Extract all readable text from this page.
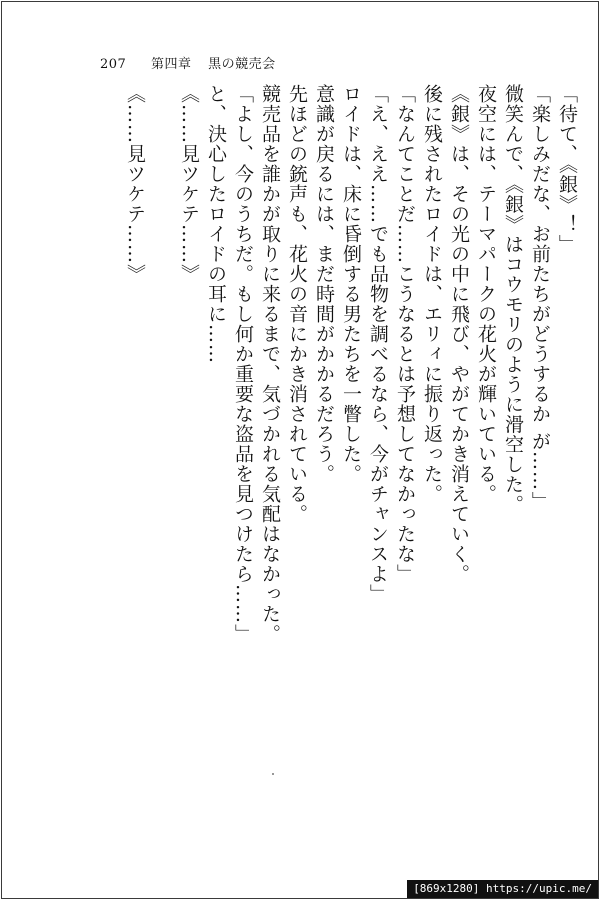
207 第四章 黒の競売会

「待て、《銀》！」

「楽しみだな、お前たちがどうするか が……」

微笑んで、《銀》はコウモリのように滑空した。

夜空には、テーマパークの花火が輝いている。

《銀》は、その光の中に飛び、やがてかき消えていく。

後に残されたロイドは、エリィに振り返った。

「なんてことだ……こうなるとは予想してなかったな」

「え、ええ……でも品物を調べるなら、今がチャンスよ」

ロイドは、床に昏倒する男たちを一瞥した。

意識が戻るには、まだ時間がかかるだろう。

先ほどの銃声も、花火の音にかき消されている。

競売品を誰かが取りに来るまで、気づかれる気配はなかった。

「よし、今のうちだ。もし何か重要な盗品を見つけたら……」

と、決心したロイドの耳に……

《……見ツケテ……》

《……見ツケテ……》

[869x1280] https://upic.me/
